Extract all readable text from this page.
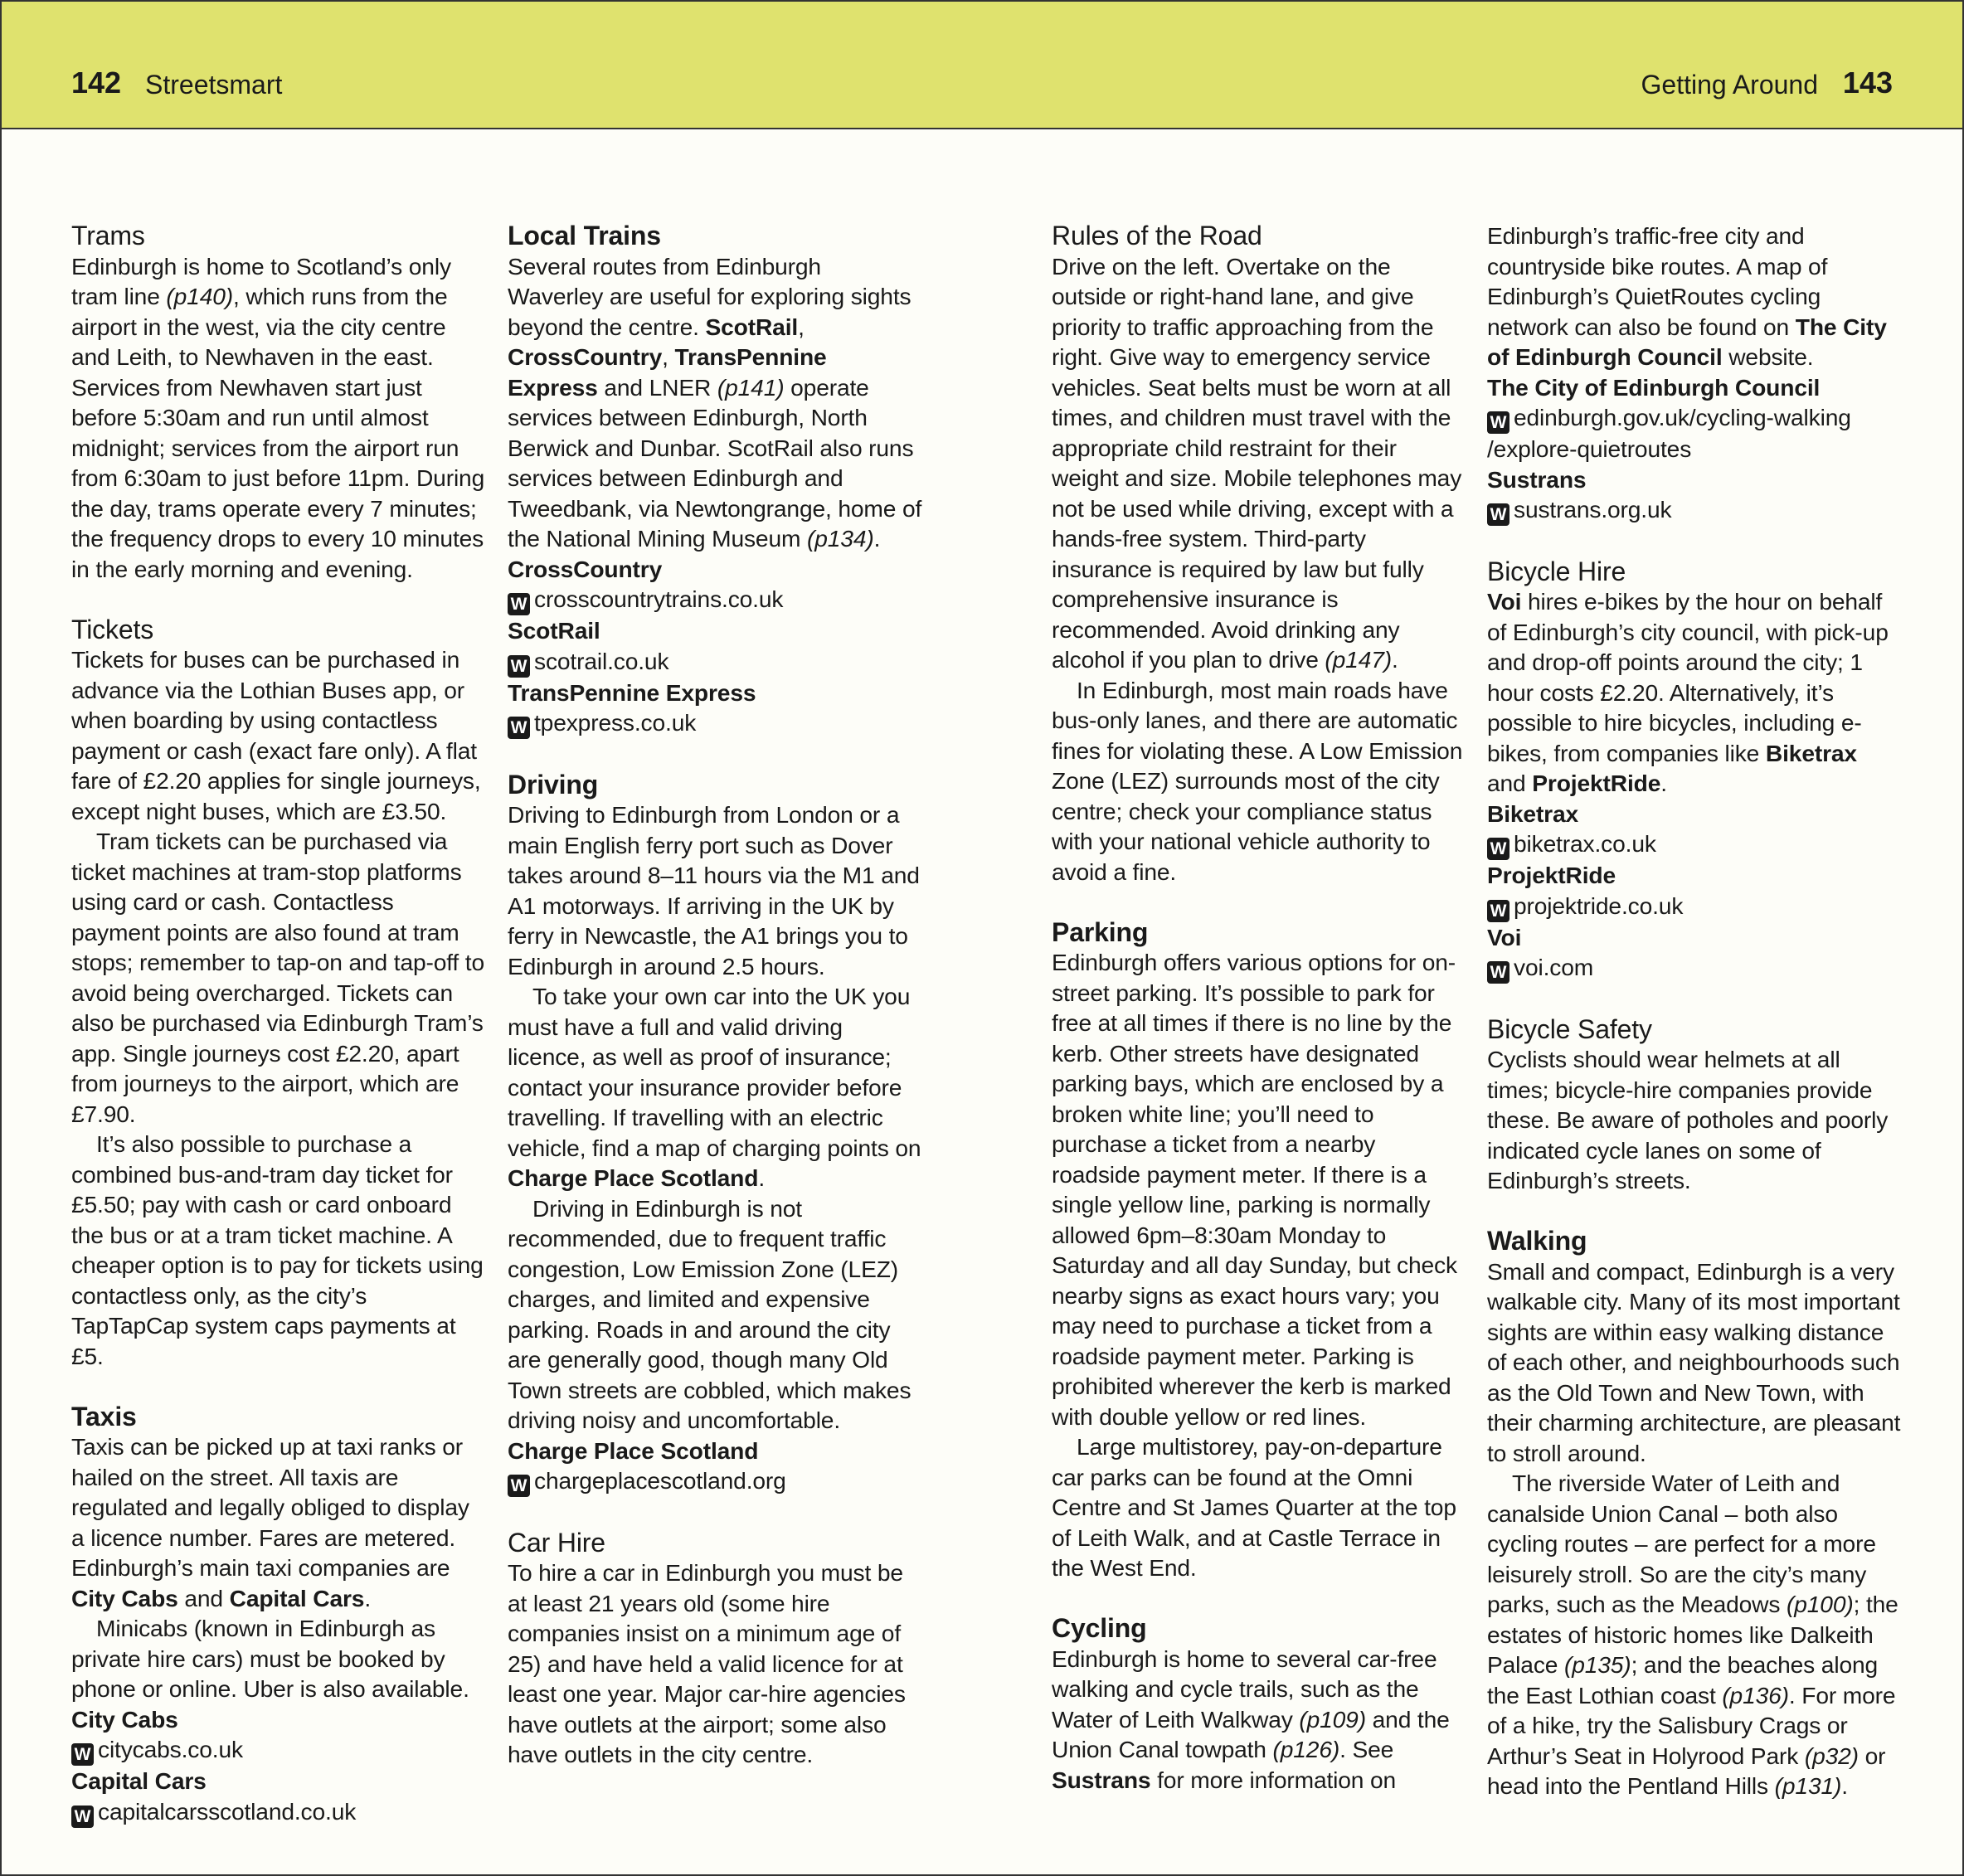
142 Streetsmart	Getting Around 143
Trams

Edinburgh is home to Scotland’s only tram line (p140), which runs from the airport in the west, via the city centre and Leith, to Newhaven in the east. Services from Newhaven start just before 5:30am and run until almost midnight; services from the airport run from 6:30am to just before 11pm. During the day, trams operate every 7 minutes; the frequency drops to every 10 minutes in the early morning and evening.

Tickets

Tickets for buses can be purchased in advance via the Lothian Buses app, or when boarding by using contactless payment or cash (exact fare only). A flat fare of £2.20 applies for single journeys, except night buses, which are £3.50.

Tram tickets can be purchased via ticket machines at tram-stop platforms using card or cash. Contactless payment points are also found at tram stops; remember to tap-on and tap-off to avoid being overcharged. Tickets can also be purchased via Edinburgh Tram’s app. Single journeys cost £2.20, apart from journeys to the airport, which are £7.90.

It’s also possible to purchase a combined bus-and-tram day ticket for £5.50; pay with cash or card onboard the bus or at a tram ticket machine. A cheaper option is to pay for tickets using contactless only, as the city’s TapTapCap system caps payments at £5.

Taxis

Taxis can be picked up at taxi ranks or hailed on the street. All taxis are regulated and legally obliged to display a licence number. Fares are metered. Edinburgh’s main taxi companies are City Cabs and Capital Cars.

Minicabs (known in Edinburgh as private hire cars) must be booked by phone or online. Uber is also available.

City Cabs
W citycabs.co.uk
Capital Cars
W capitalcarsscotland.co.uk
Local Trains

Several routes from Edinburgh Waverley are useful for exploring sights beyond the centre. ScotRail, CrossCountry, TransPennine Express and LNER (p141) operate services between Edinburgh, North Berwick and Dunbar. ScotRail also runs services between Edinburgh and Tweedbank, via Newtongrange, home of the National Mining Museum (p134).

CrossCountry
W crosscountrytrains.co.uk
ScotRail
W scotrail.co.uk
TransPennine Express
W tpexpress.co.uk
Driving

Driving to Edinburgh from London or a main English ferry port such as Dover takes around 8–11 hours via the M1 and A1 motorways. If arriving in the UK by ferry in Newcastle, the A1 brings you to Edinburgh in around 2.5 hours.

To take your own car into the UK you must have a full and valid driving licence, as well as proof of insurance; contact your insurance provider before travelling. If travelling with an electric vehicle, find a map of charging points on Charge Place Scotland.

Driving in Edinburgh is not recommended, due to frequent traffic congestion, Low Emission Zone (LEZ) charges, and limited and expensive parking. Roads in and around the city are generally good, though many Old Town streets are cobbled, which makes driving noisy and uncomfortable.

Charge Place Scotland
W chargeplacescotland.org
Car Hire

To hire a car in Edinburgh you must be at least 21 years old (some hire companies insist on a minimum age of 25) and have held a valid licence for at least one year. Major car-hire agencies have outlets at the airport; some also have outlets in the city centre.

Rules of the Road

Drive on the left. Overtake on the outside or right-hand lane, and give priority to traffic approaching from the right. Give way to emergency service vehicles. Seat belts must be worn at all times, and children must travel with the appropriate child restraint for their weight and size. Mobile telephones may not be used while driving, except with a hands-free system. Third-party insurance is required by law but fully comprehensive insurance is recommended. Avoid drinking any alcohol if you plan to drive (p147).

In Edinburgh, most main roads have bus-only lanes, and there are automatic fines for violating these. A Low Emission Zone (LEZ) surrounds most of the city centre; check your compliance status with your national vehicle authority to avoid a fine.

Parking

Edinburgh offers various options for on-street parking. It’s possible to park for free at all times if there is no line by the kerb. Other streets have designated parking bays, which are enclosed by a broken white line; you’ll need to purchase a ticket from a nearby roadside payment meter. If there is a single yellow line, parking is normally allowed 6pm–8:30am Monday to Saturday and all day Sunday, but check nearby signs as exact hours vary; you may need to purchase a ticket from a roadside payment meter. Parking is prohibited wherever the kerb is marked with double yellow or red lines.

Large multistorey, pay-on-departure car parks can be found at the Omni Centre and St James Quarter at the top of Leith Walk, and at Castle Terrace in the West End.

Cycling

Edinburgh is home to several car-free walking and cycle trails, such as the Water of Leith Walkway (p109) and the Union Canal towpath (p126). See Sustrans for more information on

Edinburgh’s traffic-free city and countryside bike routes. A map of Edinburgh’s QuietRoutes cycling network can also be found on The City of Edinburgh Council website.

The City of Edinburgh Council
W edinburgh.gov.uk/cycling-walking /explore-quietroutes
Sustrans
W sustrans.org.uk
Bicycle Hire

Voi hires e-bikes by the hour on behalf of Edinburgh’s city council, with pick-up and drop-off points around the city; 1 hour costs £2.20. Alternatively, it’s possible to hire bicycles, including e-bikes, from companies like Biketrax and ProjektRide.

Biketrax
W biketrax.co.uk
ProjektRide
W projektride.co.uk
Voi
W voi.com
Bicycle Safety

Cyclists should wear helmets at all times; bicycle-hire companies provide these. Be aware of potholes and poorly indicated cycle lanes on some of Edinburgh’s streets.

Walking

Small and compact, Edinburgh is a very walkable city. Many of its most important sights are within easy walking distance of each other, and neighbourhoods such as the Old Town and New Town, with their charming architecture, are pleasant to stroll around.

The riverside Water of Leith and canalside Union Canal – both also cycling routes – are perfect for a more leisurely stroll. So are the city’s many parks, such as the Meadows (p100); the estates of historic homes like Dalkeith Palace (p135); and the beaches along the East Lothian coast (p136). For more of a hike, try the Salisbury Crags or Arthur’s Seat in Holyrood Park (p32) or head into the Pentland Hills (p131).
